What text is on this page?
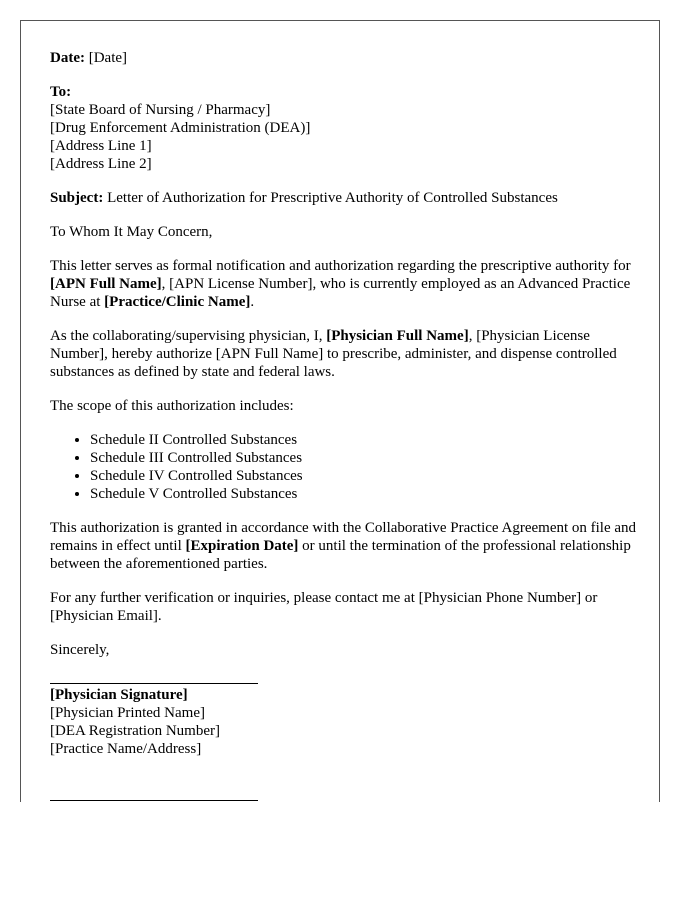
Date: [Date]

To:
[State Board of Nursing / Pharmacy]
[Drug Enforcement Administration (DEA)]
[Address Line 1]
[Address Line 2]

Subject: Letter of Authorization for Prescriptive Authority of Controlled Substances

To Whom It May Concern,

This letter serves as formal notification and authorization regarding the prescriptive authority for [APN Full Name], [APN License Number], who is currently employed as an Advanced Practice Nurse at [Practice/Clinic Name].

As the collaborating/supervising physician, I, [Physician Full Name], [Physician License Number], hereby authorize [APN Full Name] to prescribe, administer, and dispense controlled substances as defined by state and federal laws.

The scope of this authorization includes:

• Schedule II Controlled Substances
• Schedule III Controlled Substances
• Schedule IV Controlled Substances
• Schedule V Controlled Substances

This authorization is granted in accordance with the Collaborative Practice Agreement on file and remains in effect until [Expiration Date] or until the termination of the professional relationship between the aforementioned parties.

For any further verification or inquiries, please contact me at [Physician Phone Number] or [Physician Email].

Sincerely,

[Physician Signature]
[Physician Printed Name]
[DEA Registration Number]
[Practice Name/Address]
